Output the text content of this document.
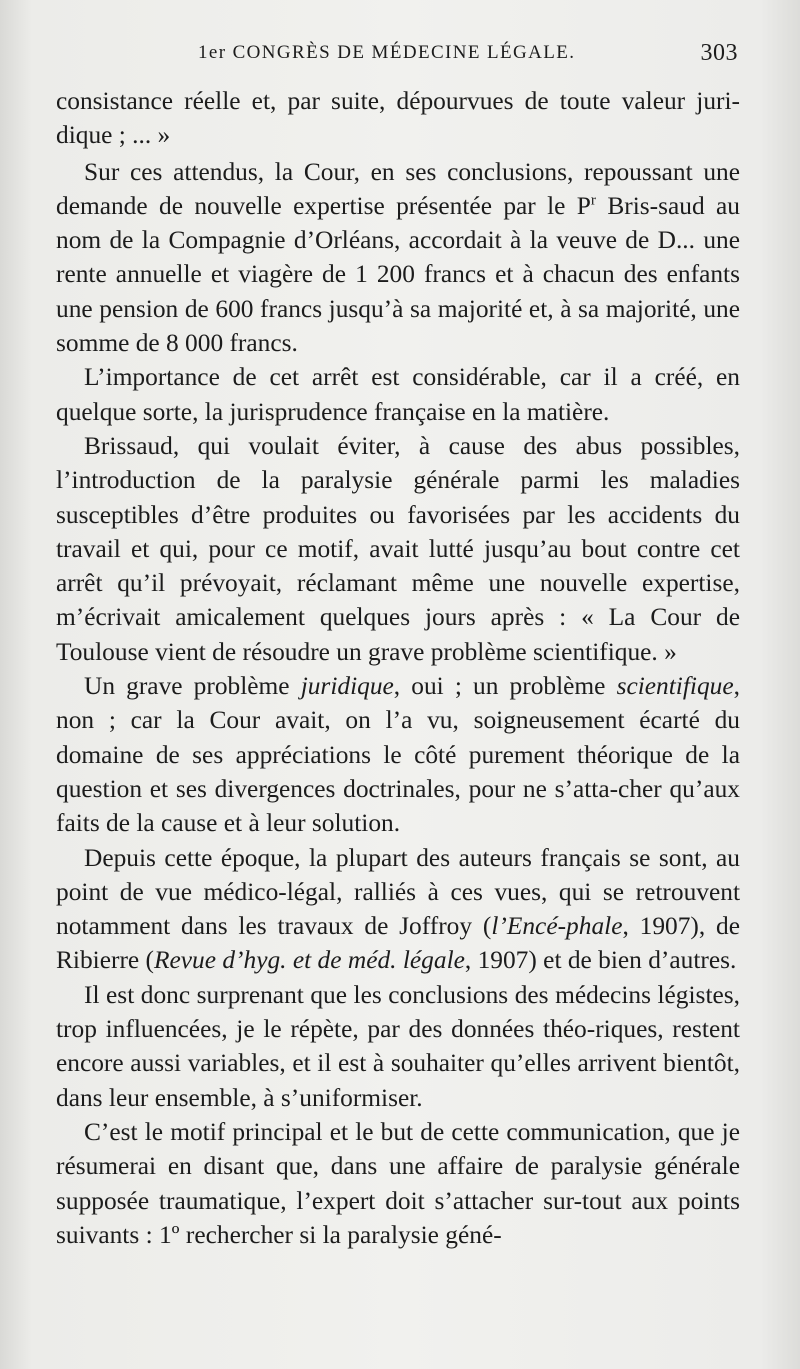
1er CONGRÈS DE MÉDECINE LÉGALE.	303

consistance réelle et, par suite, dépourvues de toute valeur juri-dique ; ... »

Sur ces attendus, la Cour, en ses conclusions, repoussant une demande de nouvelle expertise présentée par le $P^r$ Bris-saud au nom de la Compagnie d’Orléans, accordait à la veuve de D... une rente annuelle et viagère de 1 200 francs et à chacun des enfants une pension de 600 francs jusqu’à sa majorité et, à sa majorité, une somme de 8 000 francs.

L’importance de cet arrêt est considérable, car il a créé, en quelque sorte, la jurisprudence française en la matière.

Brissaud, qui voulait éviter, à cause des abus possibles, l’introduction de la paralysie générale parmi les maladies susceptibles d’être produites ou favorisées par les accidents du travail et qui, pour ce motif, avait lutté jusqu’au bout contre cet arrêt qu’il prévoyait, réclamant même une nouvelle expertise, m’écrivait amicalement quelques jours après : « La Cour de Toulouse vient de résoudre un grave problème scientifique. »

Un grave problème juridique, oui ; un problème scientifique, non ; car la Cour avait, on l’a vu, soigneusement écarté du domaine de ses appréciations le côté purement théorique de la question et ses divergences doctrinales, pour ne s’atta-cher qu’aux faits de la cause et à leur solution.

Depuis cette époque, la plupart des auteurs français se sont, au point de vue médico-légal, ralliés à ces vues, qui se retrouvent notamment dans les travaux de Joffroy (l’Encé-phale, 1907), de Ribierre (Revue d’hyg. et de méd. légale, 1907) et de bien d’autres.

Il est donc surprenant que les conclusions des médecins légistes, trop influencées, je le répète, par des données théo-riques, restent encore aussi variables, et il est à souhaiter qu’elles arrivent bientôt, dans leur ensemble, à s’uniformiser.

C’est le motif principal et le but de cette communication, que je résumerai en disant que, dans une affaire de paralysie générale supposée traumatique, l’expert doit s’attacher sur-tout aux points suivants : 1º rechercher si la paralysie géné-
